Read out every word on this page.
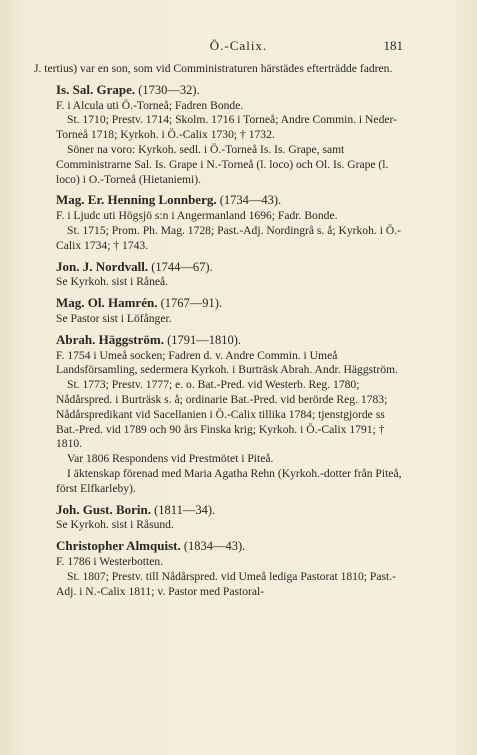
Ö.-Calix.	181

J. tertius) var en son, som vid Comministraturen härstädes efterträdde fadren.

Is. Sal. Grape. (1730—32).

F. i Alcula uti Ö.-Torneå; Fadren Bonde.

St. 1710; Prestv. 1714; Skolm. 1716 i Torneå; Andre Commin. i Neder-Torneå 1718; Kyrkoh. i Ö.-Calix 1730; † 1732.

Söner na voro: Kyrkoh. sedl. i Ö.-Torneå Is. Is. Grape, samt Comministrarne Sal. Is. Grape i N.-Torneå (l. loco) och Ol. Is. Grape (l. loco) i O.-Torneå (Hietaniemi).

Mag. Er. Henning Lonnberg. (1734—43).

F. i Ljudc uti Högsjö s:n i Angermanland 1696; Fadr. Bonde.

St. 1715; Prom. Ph. Mag. 1728; Past.-Adj. Nordingrå s. å; Kyrkoh. i Ö.-Calix 1734; † 1743.

Jon. J. Nordvall. (1744—67).

Se Kyrkoh. sist i Råneå.

Mag. Ol. Hamrén. (1767—91).

Se Pastor sist i Löfånger.

Abrah. Häggström. (1791—1810).

F. 1754 i Umeå socken; Fadren d. v. Andre Commin. i Umeå Landsförsamling, sedermera Kyrkoh. i Burträsk Abrah. Andr. Häggström.

St. 1773; Prestv. 1777; e. o. Bat.-Pred. vid Westerb. Reg. 1780; Nådårspred. i Burträsk s. å; ordinarie Bat.-Pred. vid berörde Reg. 1783; Nådårspredikant vid Sacellanien i Ö.-Calix tillika 1784; tjenstgjorde ss Bat.-Pred. vid 1789 och 90 års Finska krig; Kyrkoh. i Ö.-Calix 1791; † 1810.

Var 1806 Respondens vid Prestmötet i Piteå.

I äktenskap förenad med Maria Agatha Rehn (Kyrkoh.-dotter från Piteå, först Elfkarleby).

Joh. Gust. Borin. (1811—34).

Se Kyrkoh. sist i Råsund.

Christopher Almquist. (1834—43).

F. 1786 i Westerbotten.

St. 1807; Prestv. till Nådårspred. vid Umeå lediga Pastorat 1810; Past.-Adj. i N.-Calix 1811; v. Pastor med Pastoral-
